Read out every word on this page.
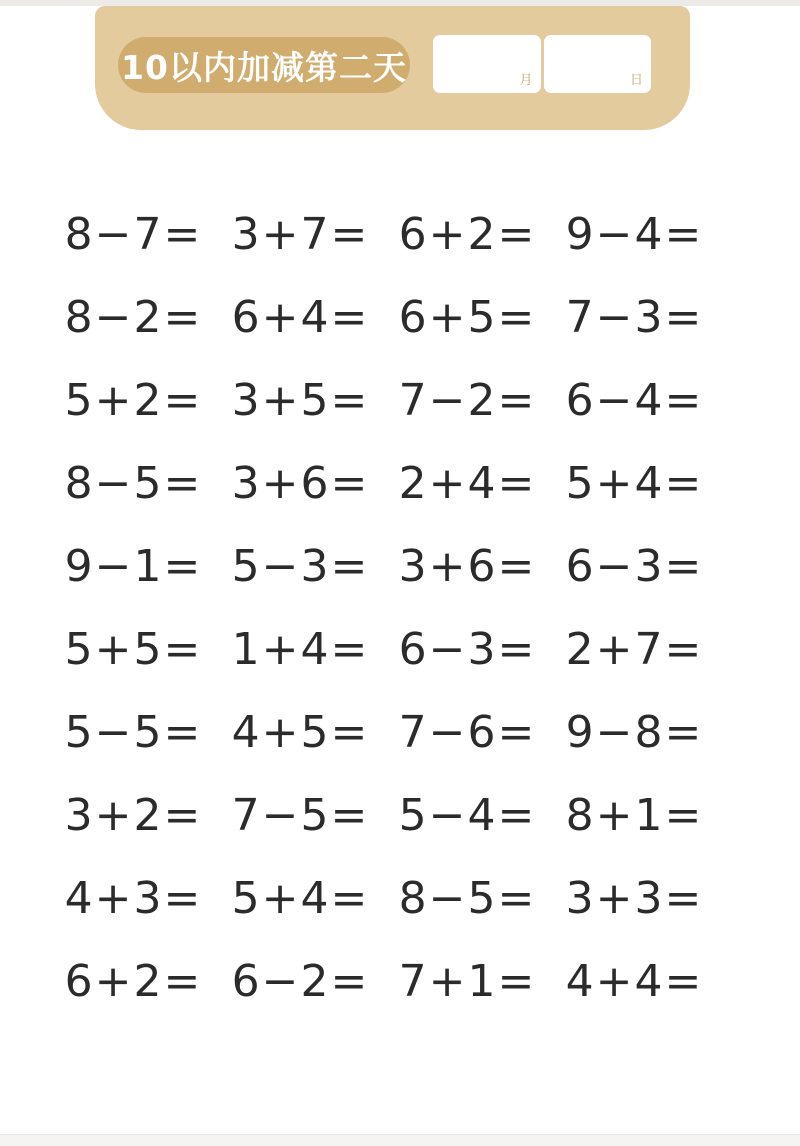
10以内加减第二天	月	日
8−7= 3+7= 6+2= 9−4=
8−2= 6+4= 6+5= 7−3=
5+2= 3+5= 7−2= 6−4=
8−5= 3+6= 2+4= 5+4=
9−1= 5−3= 3+6= 6−3=
5+5= 1+4= 6−3= 2+7=
5−5= 4+5= 7−6= 9−8=
3+2= 7−5= 5−4= 8+1=
4+3= 5+4= 8−5= 3+3=
6+2= 6−2= 7+1= 4+4=
